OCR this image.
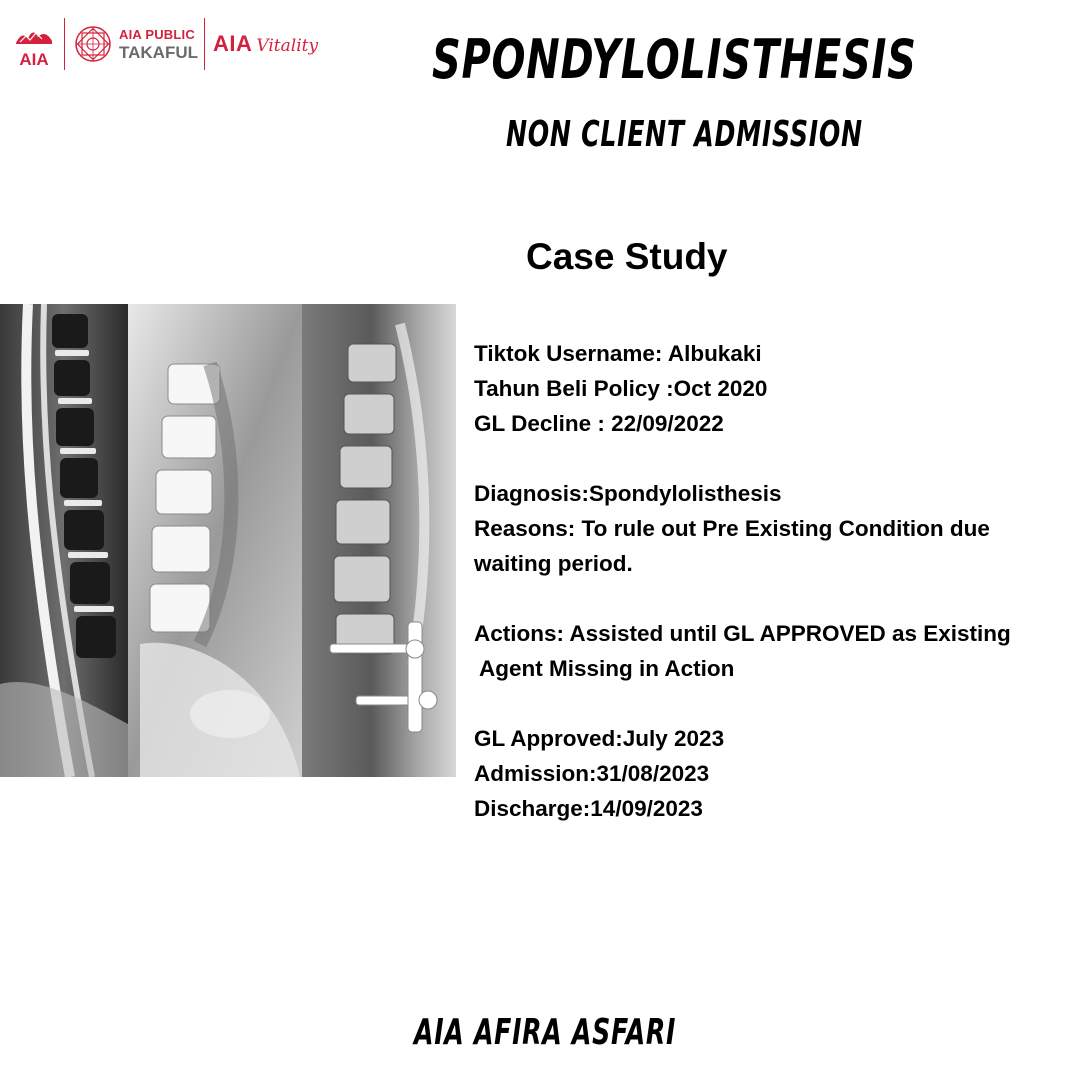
AIA
AIA PUBLIC
TAKAFUL AIA Vitality SPONDYLOLISTHESIS
NON CLIENT ADMISSION
Case Study
Tiktok Username: Albukaki
Tahun Beli Policy :Oct 2020
GL Decline : 22/09/2022
Diagnosis:Spondylolisthesis
Reasons: To rule out Pre Existing Condition due
waiting period.
Actions: Assisted until GL APPROVED as Existing
Agent Missing in Action
GL Approved:July 2023
Admission:31/08/2023
Discharge:14/09/2023
AIA AFIRA ASFARI
